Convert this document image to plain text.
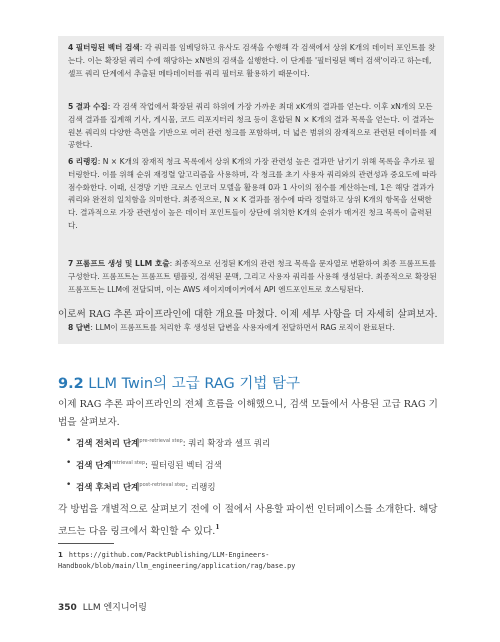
4 필터링된 벡터 검색: 각 쿼리를 임베딩하고 유사도 검색을 수행해 각 검색에서 상위 K개의 데이터 포인트를 찾는다. 이는 확장된 쿼리 수에 해당하는 xN번의 검색을 실행한다. 이 단계를 '필터링된 벡터 검색'이라고 하는데, 셀프 쿼리 단계에서 추출된 메타데이터를 쿼리 필터로 활용하기 때문이다.

5 결과 수집: 각 검색 작업에서 확장된 쿼리 하위에 가장 가까운 최대 xK개의 결과를 얻는다. 이후 xN개의 모든 검색 결과를 집계해 기사, 게시물, 코드 리포지터리 청크 등이 혼합된 N × K개의 결과 목록을 얻는다. 이 결과는 원본 쿼리의 다양한 측면을 기반으로 여러 관련 청크를 포함하며, 더 넓은 범위의 잠재적으로 관련된 데이터를 제공한다.

6 리랭킹: N × K개의 잠재적 청크 목록에서 상위 K개의 가장 관련성 높은 결과만 남기기 위해 목록을 추가로 필터링한다. 이를 위해 순위 재정렬 알고리즘을 사용하며, 각 청크를 초기 사용자 쿼리와의 관련성과 중요도에 따라 점수화한다. 이때, 신경망 기반 크로스 인코더 모델을 활용해 0과 1 사이의 점수를 계산하는데, 1은 해당 결과가 쿼리와 완전히 일치함을 의미한다. 최종적으로, N × K 결과를 점수에 따라 정렬하고 상위 K개의 항목을 선택한다. 결과적으로 가장 관련성이 높은 데이터 포인트들이 상단에 위치한 K개의 순위가 매겨진 청크 목록이 출력된다.

7 프롬프트 생성 및 LLM 호출: 최종적으로 선정된 K개의 관련 청크 목록을 문자열로 변환하여 최종 프롬프트를 구성한다. 프롬프트는 프롬프트 템플릿, 검색된 문맥, 그리고 사용자 쿼리를 사용해 생성된다. 최종적으로 확장된 프롬프트는 LLM에 전달되며, 이는 AWS 세이지메이커에서 API 엔드포인트로 호스팅된다.

8 답변: LLM이 프롬프트를 처리한 후 생성된 답변을 사용자에게 전달하면서 RAG 로직이 완료된다.

이로써 RAG 추론 파이프라인에 대한 개요를 마쳤다. 이제 세부 사항을 더 자세히 살펴보자.

9.2 LLM Twin의 고급 RAG 기법 탐구

이제 RAG 추론 파이프라인의 전체 흐름을 이해했으니, 검색 모듈에서 사용된 고급 RAG 기법을 살펴보자.

• 검색 전처리 단계$^{pre-retrieval step}$: 쿼리 확장과 셀프 쿼리
• 검색 단계$^{retrieval step}$: 필터링된 벡터 검색
• 검색 후처리 단계$^{post-retrieval step}$: 리랭킹

각 방법을 개별적으로 살펴보기 전에 이 절에서 사용할 파이썬 인터페이스를 소개한다. 해당 코드는 다음 링크에서 확인할 수 있다.$^1$

1 https://github.com/PacktPublishing/LLM-Engineers-Handbook/blob/main/llm_engineering/application/rag/base.py

350 LLM 엔지니어링
